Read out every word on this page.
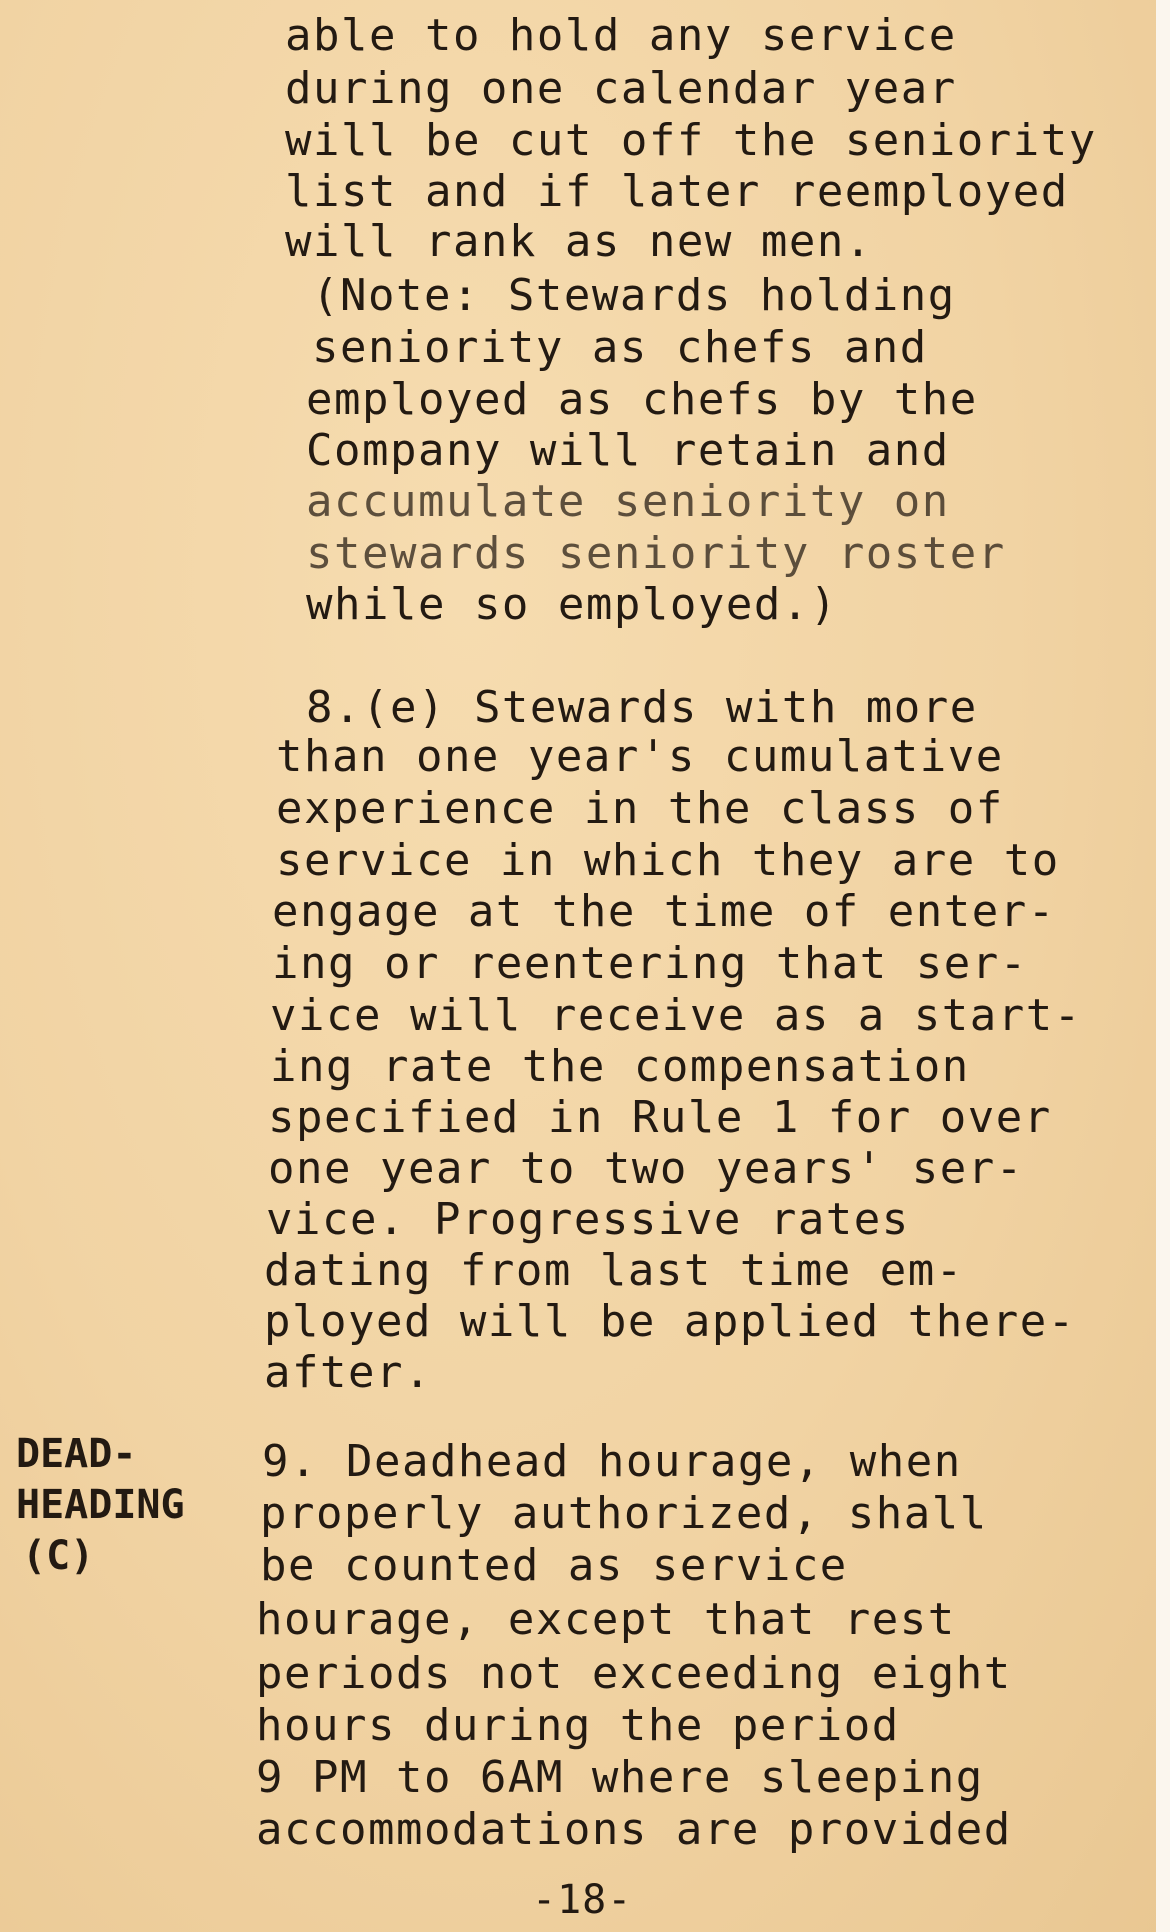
able to hold any service
during one calendar year
will be cut off the seniority
list and if later reemployed
will rank as new men.
(Note: Stewards holding
seniority as chefs and
employed as chefs by the
Company will retain and
accumulate seniority on
stewards seniority roster
while so employed.)
8.(e) Stewards with more
than one year's cumulative
experience in the class of
service in which they are to
engage at the time of enter-
ing or reentering that ser-
vice will receive as a start-
ing rate the compensation
specified in Rule 1 for over
one year to two years' ser-
vice. Progressive rates
dating from last time em-
ployed will be applied there-
after.
DEAD-
HEADING
(C)
9. Deadhead hourage, when
properly authorized, shall
be counted as service
hourage, except that rest
periods not exceeding eight
hours during the period
9 PM to 6AM where sleeping
accommodations are provided
-18-
